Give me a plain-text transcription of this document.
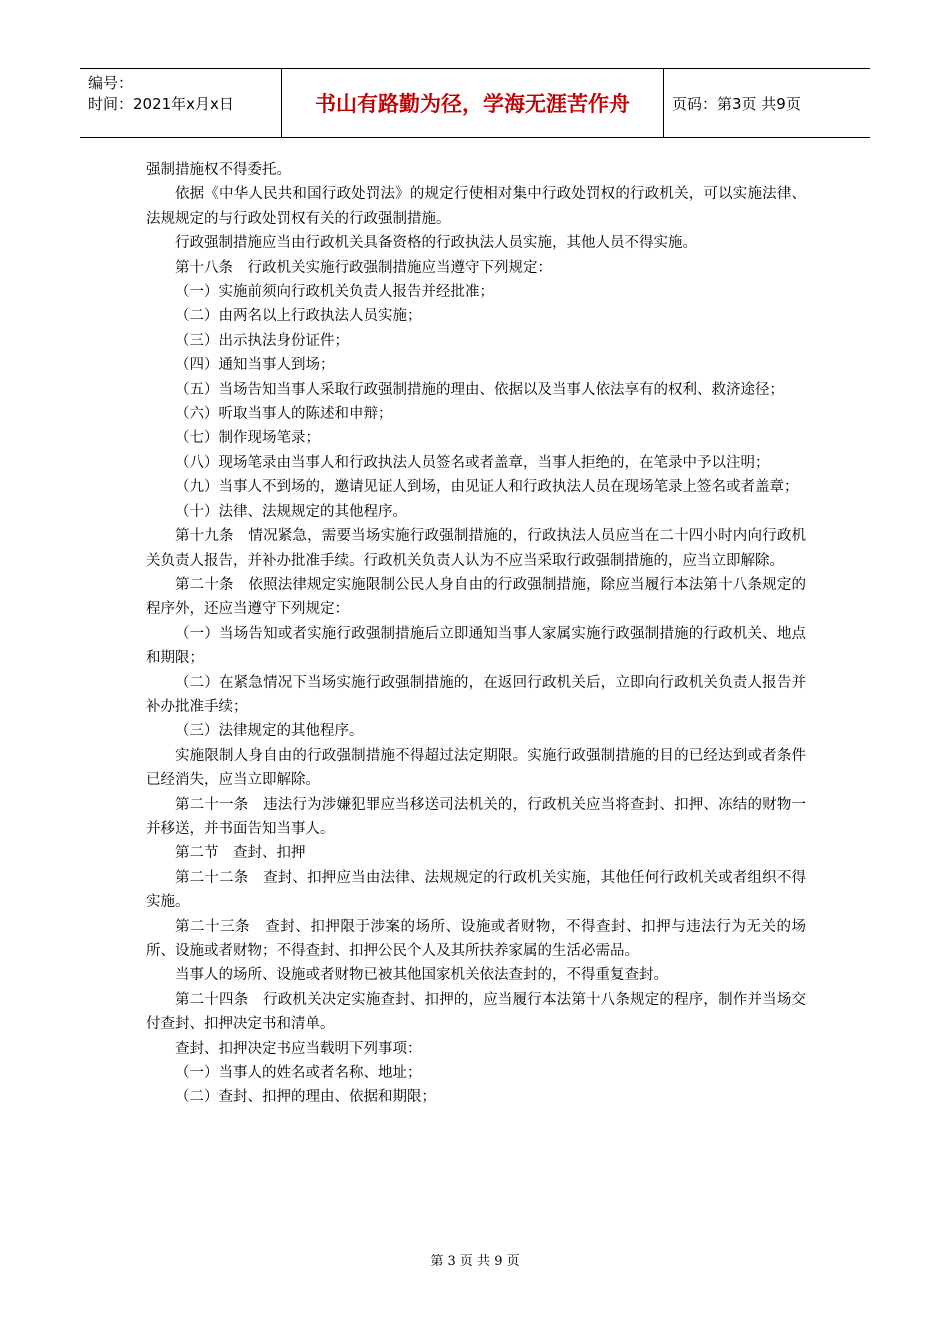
编号：
时间：2021年x月x日	书山有路勤为径，学海无涯苦作舟	页码：第3页 共9页

强制措施权不得委托。

依据《中华人民共和国行政处罚法》的规定行使相对集中行政处罚权的行政机关，可以实施法律、法规规定的与行政处罚权有关的行政强制措施。

行政强制措施应当由行政机关具备资格的行政执法人员实施，其他人员不得实施。

第十八条　行政机关实施行政强制措施应当遵守下列规定：

（一）实施前须向行政机关负责人报告并经批准；

（二）由两名以上行政执法人员实施；

（三）出示执法身份证件；

（四）通知当事人到场；

（五）当场告知当事人采取行政强制措施的理由、依据以及当事人依法享有的权利、救济途径；

（六）听取当事人的陈述和申辩；

（七）制作现场笔录；

（八）现场笔录由当事人和行政执法人员签名或者盖章，当事人拒绝的，在笔录中予以注明；

（九）当事人不到场的，邀请见证人到场，由见证人和行政执法人员在现场笔录上签名或者盖章；

（十）法律、法规规定的其他程序。

第十九条　情况紧急，需要当场实施行政强制措施的，行政执法人员应当在二十四小时内向行政机关负责人报告，并补办批准手续。行政机关负责人认为不应当采取行政强制措施的，应当立即解除。

第二十条　依照法律规定实施限制公民人身自由的行政强制措施，除应当履行本法第十八条规定的程序外，还应当遵守下列规定：

（一）当场告知或者实施行政强制措施后立即通知当事人家属实施行政强制措施的行政机关、地点和期限；

（二）在紧急情况下当场实施行政强制措施的，在返回行政机关后，立即向行政机关负责人报告并补办批准手续；

（三）法律规定的其他程序。

实施限制人身自由的行政强制措施不得超过法定期限。实施行政强制措施的目的已经达到或者条件已经消失，应当立即解除。

第二十一条　违法行为涉嫌犯罪应当移送司法机关的，行政机关应当将查封、扣押、冻结的财物一并移送，并书面告知当事人。

第二节　查封、扣押

第二十二条　查封、扣押应当由法律、法规规定的行政机关实施，其他任何行政机关或者组织不得实施。

第二十三条　查封、扣押限于涉案的场所、设施或者财物，不得查封、扣押与违法行为无关的场所、设施或者财物；不得查封、扣押公民个人及其所扶养家属的生活必需品。

当事人的场所、设施或者财物已被其他国家机关依法查封的，不得重复查封。

第二十四条　行政机关决定实施查封、扣押的，应当履行本法第十八条规定的程序，制作并当场交付查封、扣押决定书和清单。

查封、扣押决定书应当载明下列事项：

（一）当事人的姓名或者名称、地址；

（二）查封、扣押的理由、依据和期限；

第 3 页 共 9 页
